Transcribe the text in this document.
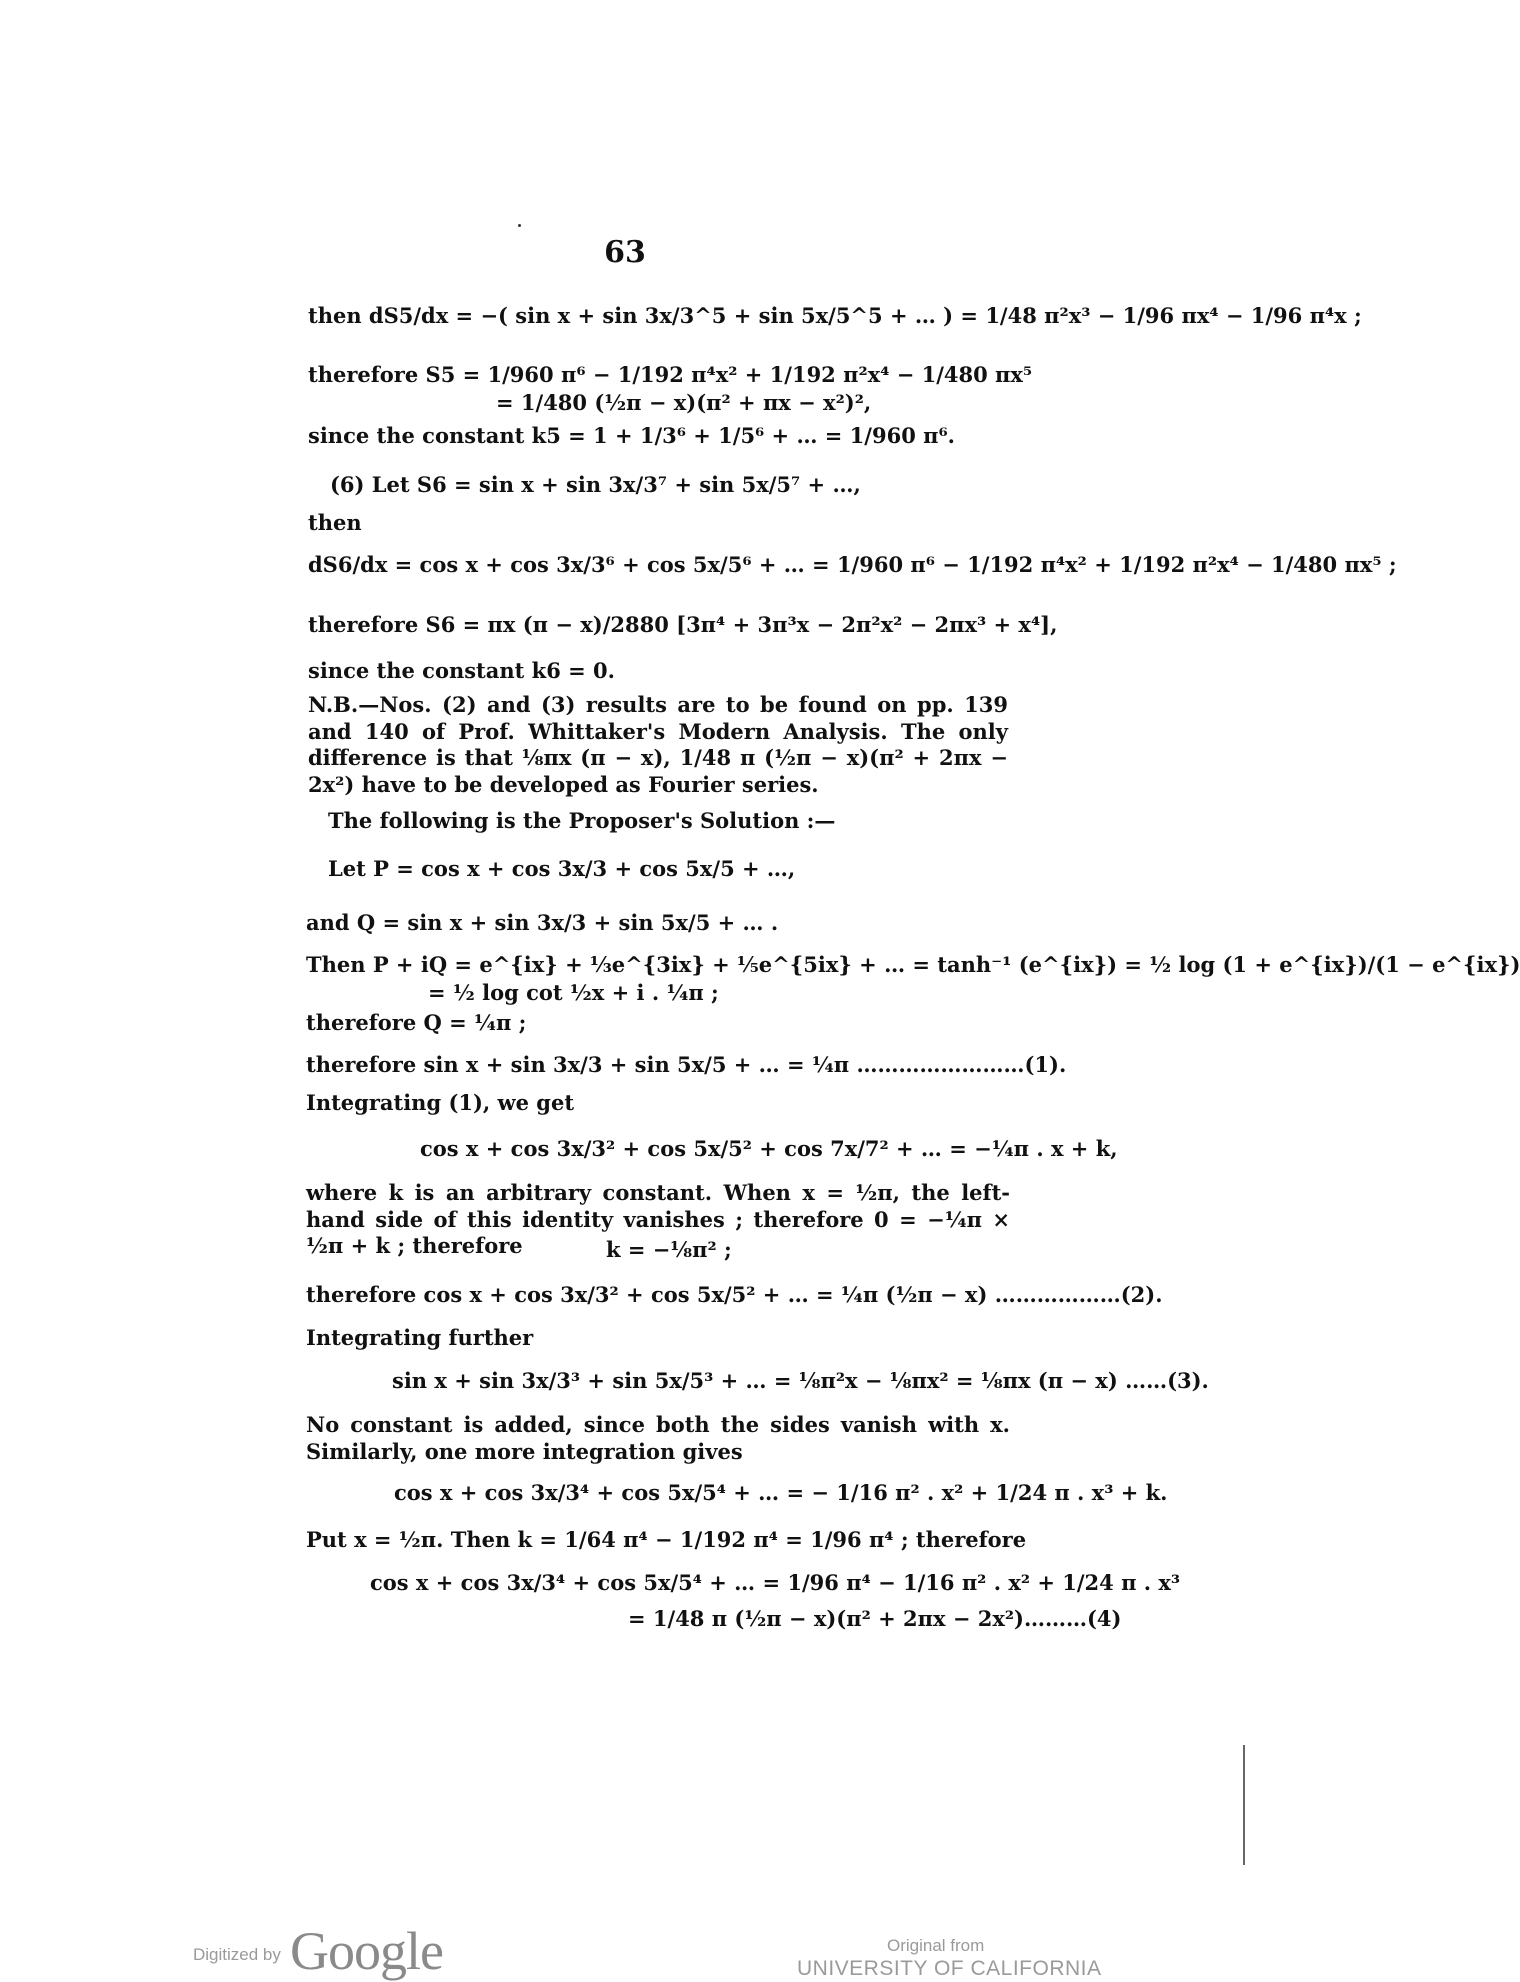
63
then dS5/dx = −( sin x + sin 3x/3^5 + sin 5x/5^5 + … ) = 1/48 π²x³ − 1/96 πx⁴ − 1/96 π⁴x ;
therefore S5 = 1/960 π⁶ − 1/192 π⁴x² + 1/192 π²x⁴ − 1/480 πx⁵
= 1/480 (½π − x)(π² + πx − x²)²,
since the constant k5 = 1 + 1/3⁶ + 1/5⁶ + … = 1/960 π⁶.
(6) Let S6 = sin x + sin 3x/3⁷ + sin 5x/5⁷ + …,
then
dS6/dx = cos x + cos 3x/3⁶ + cos 5x/5⁶ + … = 1/960 π⁶ − 1/192 π⁴x² + 1/192 π²x⁴ − 1/480 πx⁵ ;
therefore S6 = πx (π − x)/2880 [3π⁴ + 3π³x − 2π²x² − 2πx³ + x⁴],
since the constant k6 = 0.
N.B.—Nos. (2) and (3) results are to be found on pp. 139 and 140 of Prof. Whittaker's Modern Analysis. The only difference is that ⅛πx (π − x), 1/48 π (½π − x)(π² + 2πx − 2x²) have to be developed as Fourier series.
The following is the Proposer's Solution :—
Let P = cos x + cos 3x/3 + cos 5x/5 + …,
and Q = sin x + sin 3x/3 + sin 5x/5 + … .
Then P + iQ = e^{ix} + ⅓e^{3ix} + ⅕e^{5ix} + … = tanh⁻¹ (e^{ix}) = ½ log (1 + e^{ix})/(1 − e^{ix})
= ½ log cot ½x + i . ¼π ;
therefore Q = ¼π ;
therefore sin x + sin 3x/3 + sin 5x/5 + … = ¼π ……………………(1).
Integrating (1), we get
cos x + cos 3x/3² + cos 5x/5² + cos 7x/7² + … = −¼π . x + k,
where k is an arbitrary constant. When x = ½π, the left-hand side of this identity vanishes ; therefore 0 = −¼π × ½π + k ; therefore	k = −⅛π² ;
therefore cos x + cos 3x/3² + cos 5x/5² + … = ¼π (½π − x) ………………(2).
Integrating further
sin x + sin 3x/3³ + sin 5x/5³ + … = ⅛π²x − ⅛πx² = ⅛πx (π − x) ……(3).
No constant is added, since both the sides vanish with x. Similarly, one more integration gives
cos x + cos 3x/3⁴ + cos 5x/5⁴ + … = − 1/16 π² . x² + 1/24 π . x³ + k.
Put x = ½π. Then k = 1/64 π⁴ − 1/192 π⁴ = 1/96 π⁴ ; therefore
cos x + cos 3x/3⁴ + cos 5x/5⁴ + … = 1/96 π⁴ − 1/16 π² . x² + 1/24 π . x³
= 1/48 π (½π − x)(π² + 2πx − 2x²)………(4)
Digitized by Google	Original from
UNIVERSITY OF CALIFORNIA
